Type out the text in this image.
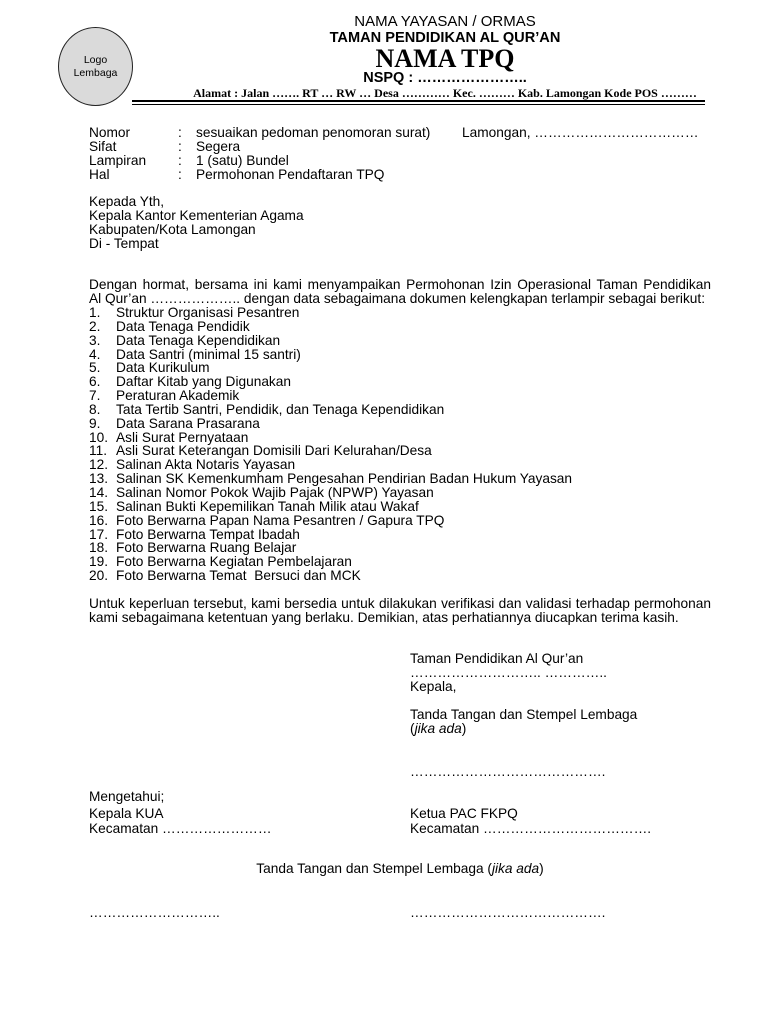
Logo
Lembaga
NAMA YAYASAN / ORMAS
TAMAN PENDIDIKAN AL QUR’AN
NAMA TPQ
NSPQ : …………………..
Alamat : Jalan ……. RT … RW … Desa ………… Kec. ……… Kab. Lamongan Kode POS ………
Nomor	:	sesuaikan pedoman penomoran surat)
Sifat	:	Segera
Lampiran	:	1 (satu) Bundel
Hal	:	Permohonan Pendaftaran TPQ
Lamongan, ………………………………
Kepada Yth,
Kepala Kantor Kementerian Agama
Kabupaten/Kota Lamongan
Di - Tempat
Dengan hormat, bersama ini kami menyampaikan Permohonan Izin Operasional Taman Pendidikan
Al Qur’an ……………….. dengan data sebagaimana dokumen kelengkapan terlampir sebagai berikut:
1. Struktur Organisasi Pesantren
2. Data Tenaga Pendidik
3. Data Tenaga Kependidikan
4. Data Santri (minimal 15 santri)
5. Data Kurikulum
6. Daftar Kitab yang Digunakan
7. Peraturan Akademik
8. Tata Tertib Santri, Pendidik, dan Tenaga Kependidikan
9. Data Sarana Prasarana
10. Asli Surat Pernyataan
11. Asli Surat Keterangan Domisili Dari Kelurahan/Desa
12. Salinan Akta Notaris Yayasan
13. Salinan SK Kemenkumham Pengesahan Pendirian Badan Hukum Yayasan
14. Salinan Nomor Pokok Wajib Pajak (NPWP) Yayasan
15. Salinan Bukti Kepemilikan Tanah Milik atau Wakaf
16. Foto Berwarna Papan Nama Pesantren / Gapura TPQ
17. Foto Berwarna Tempat Ibadah
18. Foto Berwarna Ruang Belajar
19. Foto Berwarna Kegiatan Pembelajaran
20. Foto Berwarna Temat  Bersuci dan MCK
Untuk keperluan tersebut, kami bersedia untuk dilakukan verifikasi dan validasi terhadap permohonan
kami sebagaimana ketentuan yang berlaku. Demikian, atas perhatiannya diucapkan terima kasih.
Taman Pendidikan Al Qur’an
……………………….. …………..
Kepala,
Tanda Tangan dan Stempel Lembaga
(jika ada)
…………………………………….
Mengetahui;
Kepala KUA
Kecamatan ……………………
Ketua PAC FKPQ
Kecamatan ……………………………….
Tanda Tangan dan Stempel Lembaga (jika ada)
………………………..	…………………………………….
